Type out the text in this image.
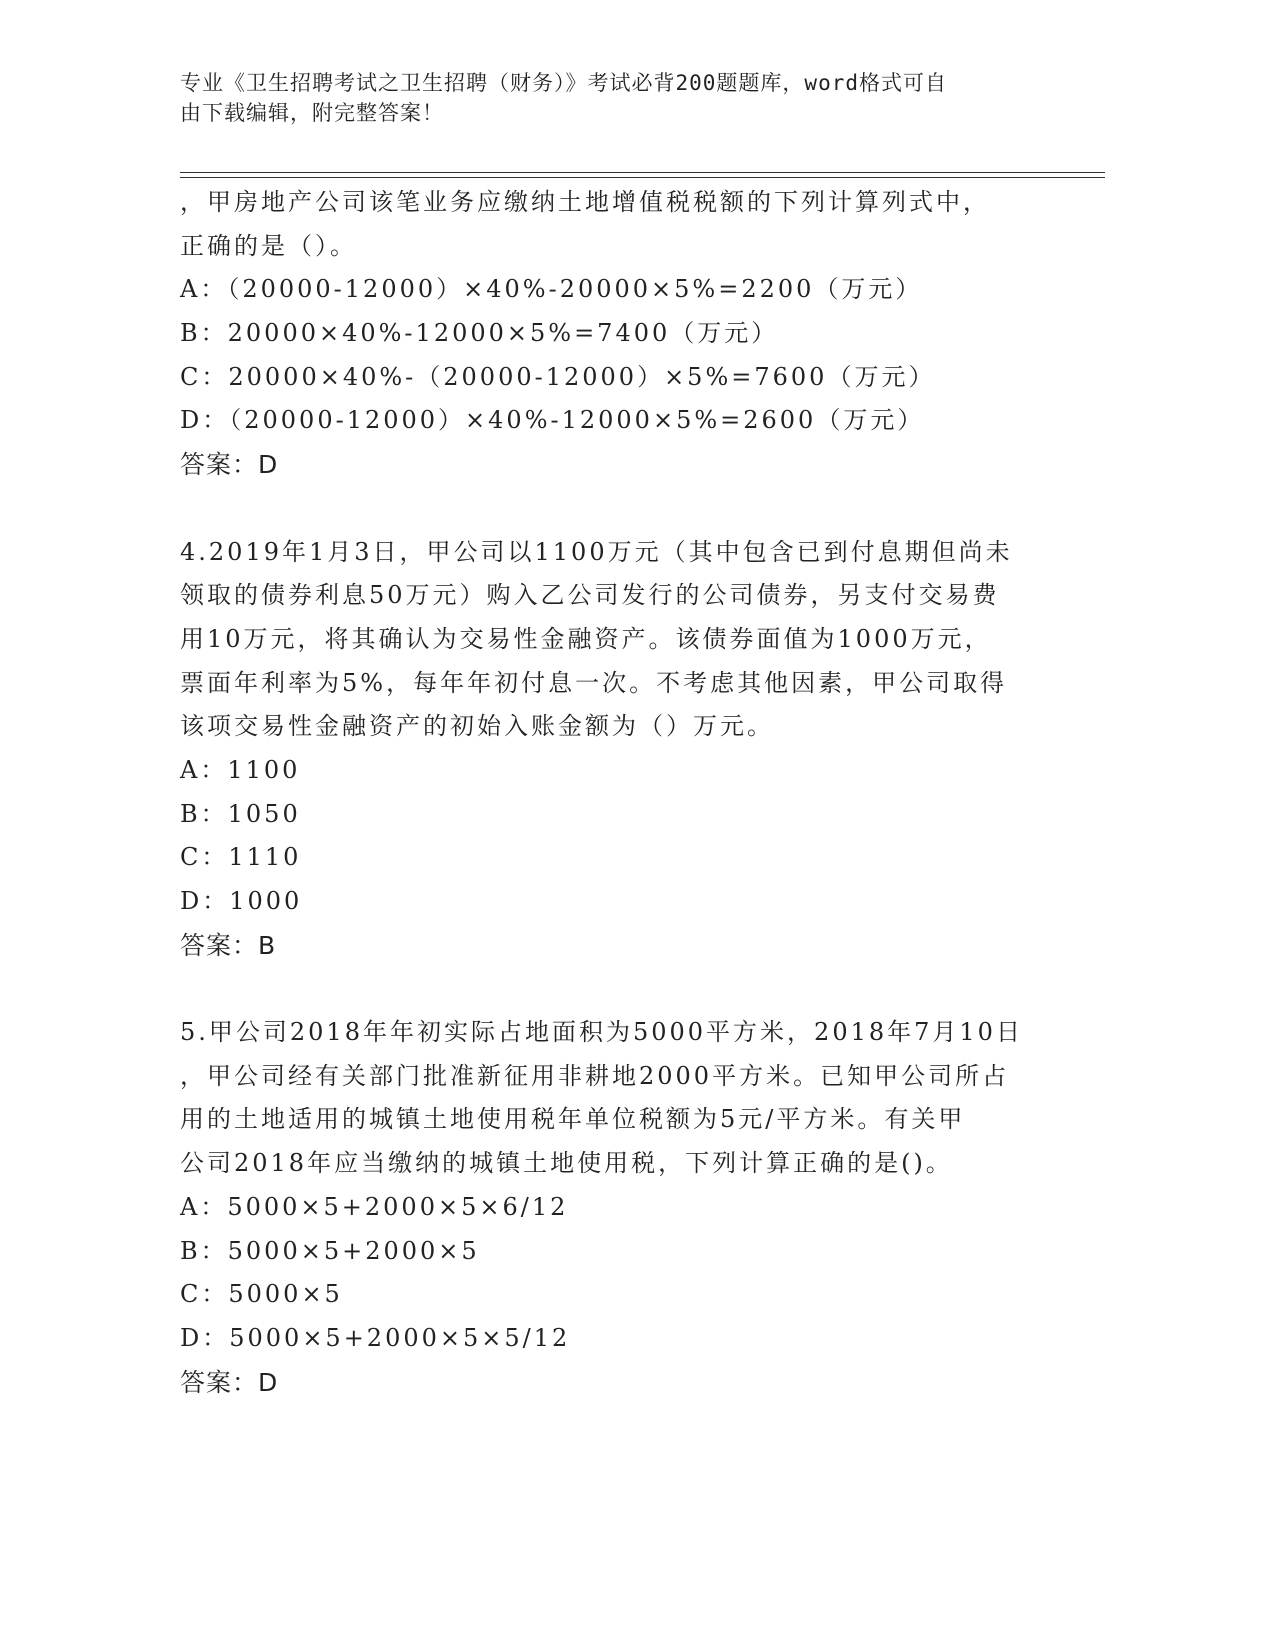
专业《卫生招聘考试之卫生招聘（财务）》考试必背200题题库，word格式可自
由下载编辑，附完整答案！
，甲房地产公司该笔业务应缴纳土地增值税税额的下列计算列式中，
正确的是（）。
A：（20000-12000）×40%-20000×5%=2200（万元）
B：20000×40%-12000×5%=7400（万元）
C：20000×40%-（20000-12000）×5%=7600（万元）
D：（20000-12000）×40%-12000×5%=2600（万元）
答案：D
4.2019年1月3日，甲公司以1100万元（其中包含已到付息期但尚未
领取的债券利息50万元）购入乙公司发行的公司债券，另支付交易费
用10万元，将其确认为交易性金融资产。该债券面值为1000万元，
票面年利率为5%，每年年初付息一次。不考虑其他因素，甲公司取得
该项交易性金融资产的初始入账金额为（）万元。
A：1100
B：1050
C：1110
D：1000
答案：B
5.甲公司2018年年初实际占地面积为5000平方米，2018年7月10日
，甲公司经有关部门批准新征用非耕地2000平方米。已知甲公司所占
用的土地适用的城镇土地使用税年单位税额为5元/平方米。有关甲
公司2018年应当缴纳的城镇土地使用税，下列计算正确的是()。
A：5000×5+2000×5×6/12
B：5000×5+2000×5
C：5000×5
D：5000×5+2000×5×5/12
答案：D
